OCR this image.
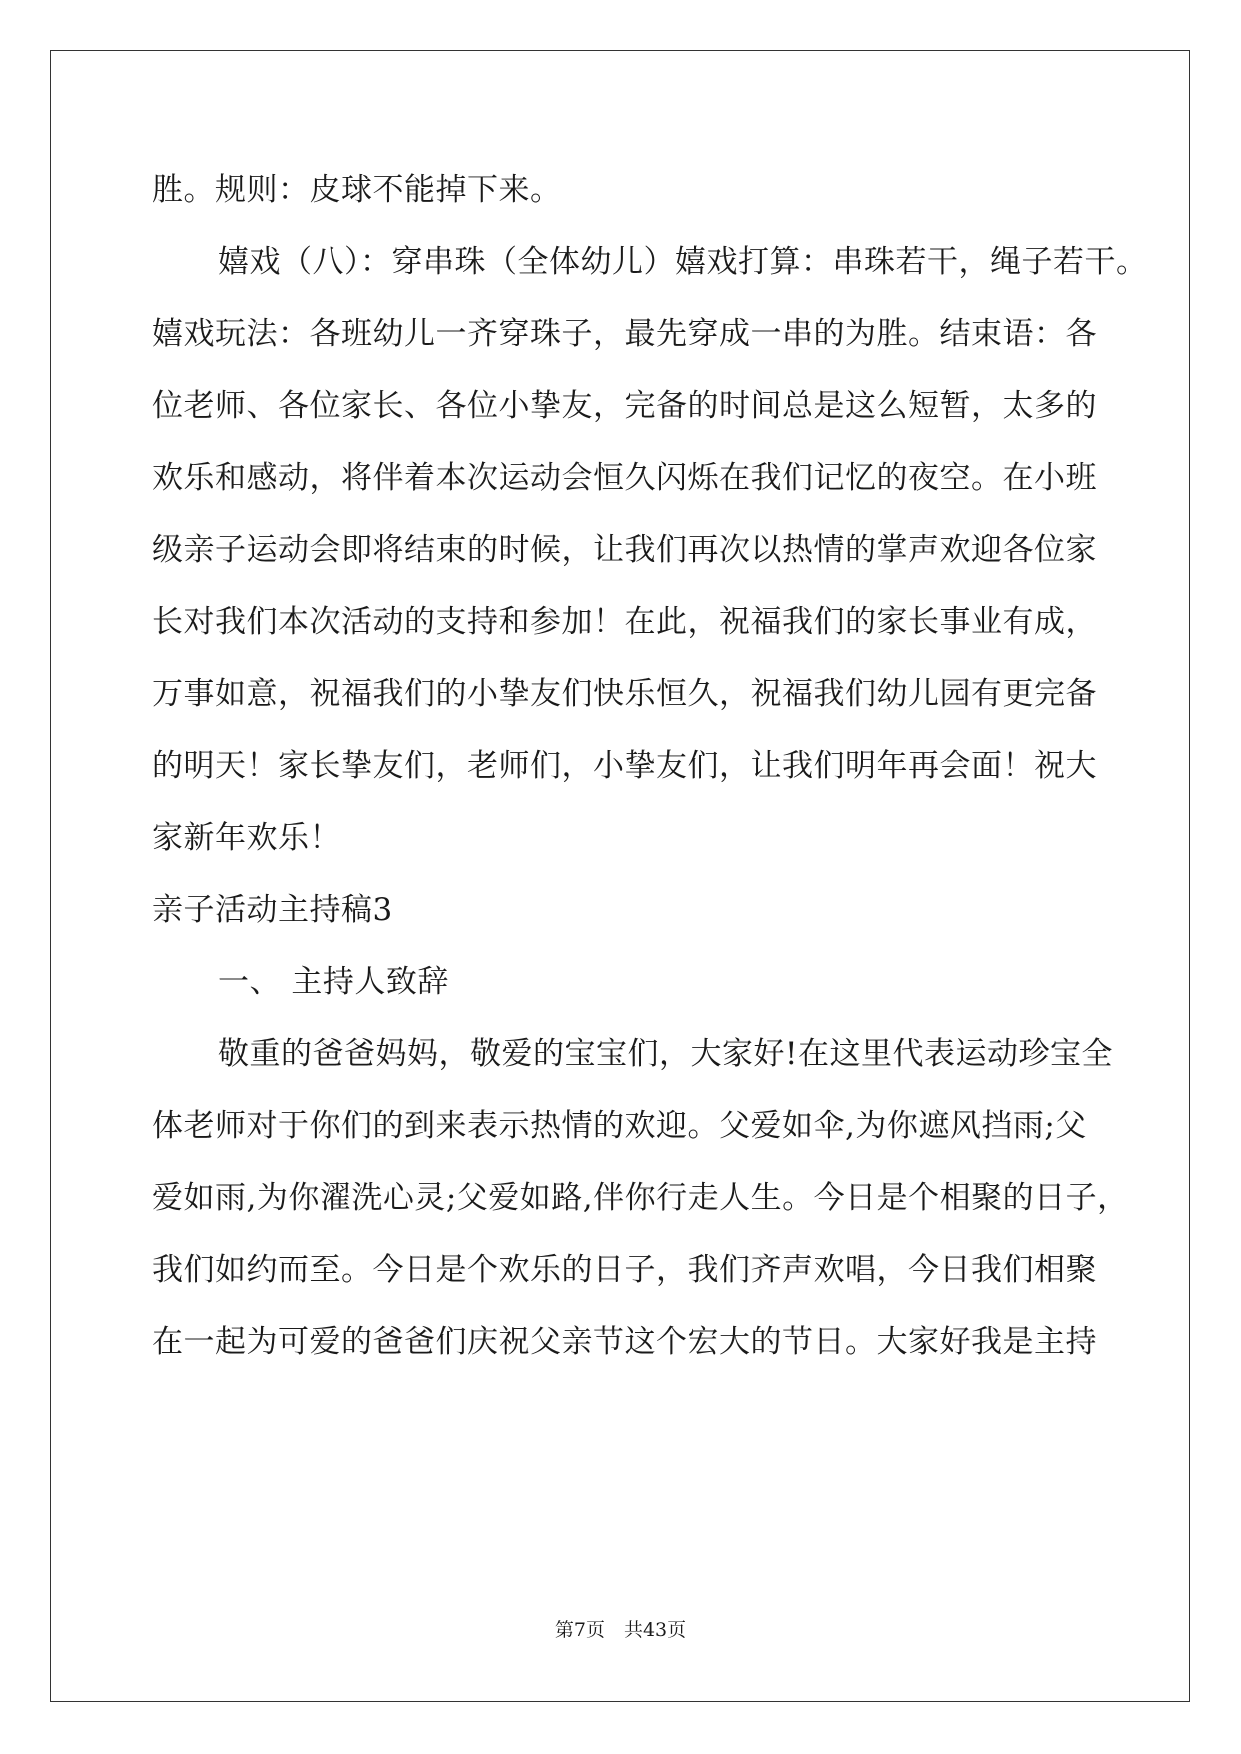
胜。规则：皮球不能掉下来。
嬉戏（八）：穿串珠（全体幼儿）嬉戏打算：串珠若干，绳子若干。
嬉戏玩法：各班幼儿一齐穿珠子，最先穿成一串的为胜。结束语：各
位老师、各位家长、各位小挚友，完备的时间总是这么短暂，太多的
欢乐和感动，将伴着本次运动会恒久闪烁在我们记忆的夜空。在小班
级亲子运动会即将结束的时候，让我们再次以热情的掌声欢迎各位家
长对我们本次活动的支持和参加！在此，祝福我们的家长事业有成，
万事如意，祝福我们的小挚友们快乐恒久，祝福我们幼儿园有更完备
的明天！家长挚友们，老师们，小挚友们，让我们明年再会面！祝大
家新年欢乐！
亲子活动主持稿3
一、 主持人致辞
敬重的爸爸妈妈，敬爱的宝宝们，大家好!在这里代表运动珍宝全
体老师对于你们的到来表示热情的欢迎。父爱如伞,为你遮风挡雨;父
爱如雨,为你濯洗心灵;父爱如路,伴你行走人生。今日是个相聚的日子，
我们如约而至。今日是个欢乐的日子，我们齐声欢唱，今日我们相聚
在一起为可爱的爸爸们庆祝父亲节这个宏大的节日。大家好我是主持
第7页　共43页
